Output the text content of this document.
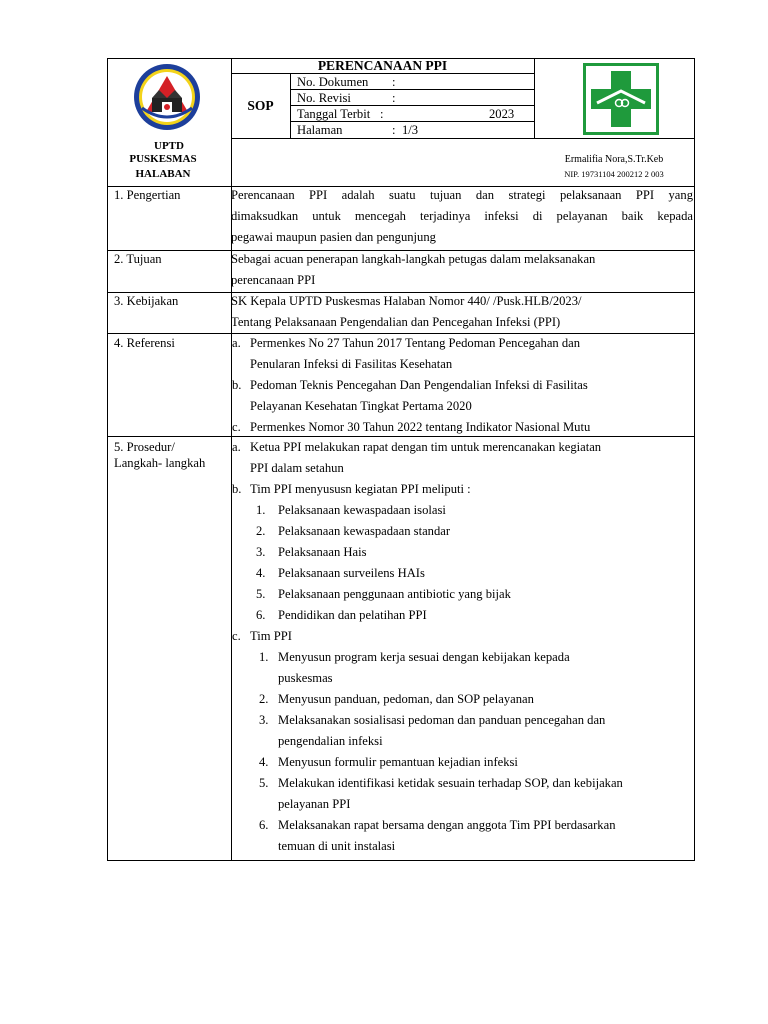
PERENCANAAN PPI
SOP
No. Dokumen :
No. Revisi	:
Tanggal Terbit :	2023
Halaman	: 1/3
UPTD
PUSKESMAS
HALABAN
Ermalifia Nora,S.Tr.Keb
NIP. 19731104 200212 2 003
1. Pengertian	Perencanaan PPI adalah suatu tujuan dan strategi pelaksanaan PPI yang
dimaksudkan untuk mencegah terjadinya infeksi di pelayanan baik kepada
pegawai maupun pasien dan pengunjung
2. Tujuan	Sebagai acuan penerapan langkah-langkah petugas dalam melaksanakan
perencanaan PPI
3. Kebijakan	SK Kepala UPTD Puskesmas Halaban Nomor 440/ /Pusk.HLB/2023/
Tentang Pelaksanaan Pengendalian dan Pencegahan Infeksi (PPI)
4. Referensi	a. Permenkes No 27 Tahun 2017 Tentang Pedoman Pencegahan dan
Penularan Infeksi di Fasilitas Kesehatan
b. Pedoman Teknis Pencegahan Dan Pengendalian Infeksi di Fasilitas
Pelayanan Kesehatan Tingkat Pertama 2020
c. Permenkes Nomor 30 Tahun 2022 tentang Indikator Nasional Mutu
5. Prosedur/
Langkah- langkah
a. Ketua PPI melakukan rapat dengan tim untuk merencanakan kegiatan
PPI dalam setahun
b. Tim PPI menyususn kegiatan PPI meliputi :
1. Pelaksanaan kewaspadaan isolasi
2. Pelaksanaan kewaspadaan standar
3. Pelaksanaan Hais
4. Pelaksanaan surveilens HAIs
5. Pelaksanaan penggunaan antibiotic yang bijak
6. Pendidikan dan pelatihan PPI
c. Tim PPI
1. Menyusun program kerja sesuai dengan kebijakan kepada
puskesmas
2. Menyusun panduan, pedoman, dan SOP pelayanan
3. Melaksanakan sosialisasi pedoman dan panduan pencegahan dan
pengendalian infeksi
4. Menyusun formulir pemantuan kejadian infeksi
5. Melakukan identifikasi ketidak sesuain terhadap SOP, dan kebijakan
pelayanan PPI
6. Melaksanakan rapat bersama dengan anggota Tim PPI berdasarkan
temuan di unit instalasi
